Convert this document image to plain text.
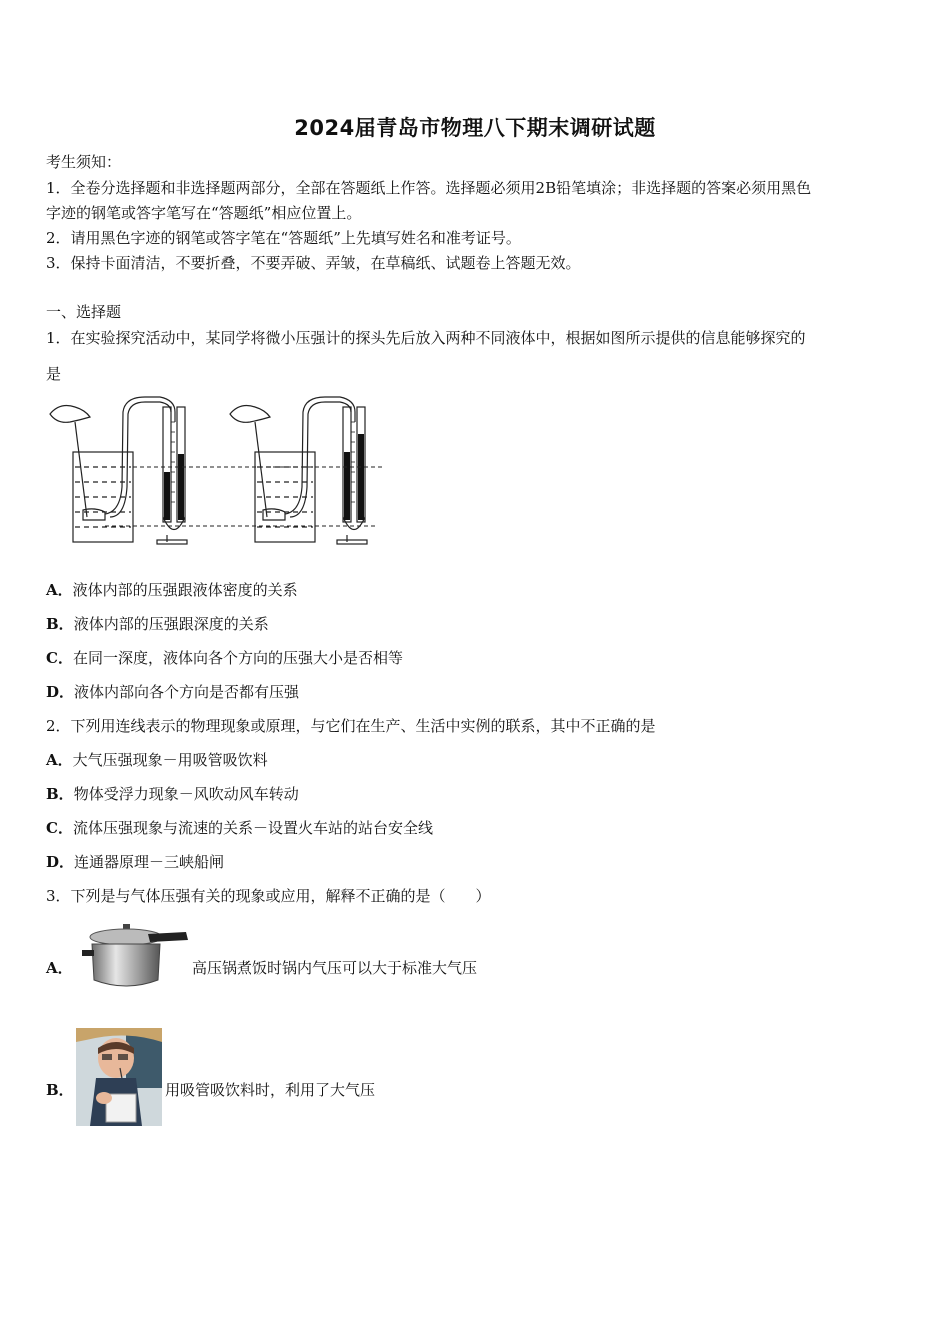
2024届青岛市物理八下期末调研试题
考生须知：
1．全卷分选择题和非选择题两部分，全部在答题纸上作答。选择题必须用2B铅笔填涂；非选择题的答案必须用黑色
字迹的钢笔或答字笔写在“答题纸”相应位置上。
2．请用黑色字迹的钢笔或答字笔在“答题纸”上先填写姓名和准考证号。
3．保持卡面清洁，不要折叠，不要弄破、弄皱，在草稿纸、试题卷上答题无效。
一、选择题
1．在实验探究活动中，某同学将微小压强计的探头先后放入两种不同液体中，根据如图所示提供的信息能够探究的
是
A．液体内部的压强跟液体密度的关系
B．液体内部的压强跟深度的关系
C．在同一深度，液体向各个方向的压强大小是否相等
D．液体内部向各个方向是否都有压强
2．下列用连线表示的物理现象或原理，与它们在生产、生活中实例的联系，其中不正确的是
A．大气压强现象－用吸管吸饮料
B．物体受浮力现象－风吹动风车转动
C．流体压强现象与流速的关系－设置火车站的站台安全线
D．连通器原理－三峡船闸
3．下列是与气体压强有关的现象或应用，解释不正确的是（　　）
A．	高压锅煮饭时锅内气压可以大于标准大气压
B．	用吸管吸饮料时，利用了大气压
